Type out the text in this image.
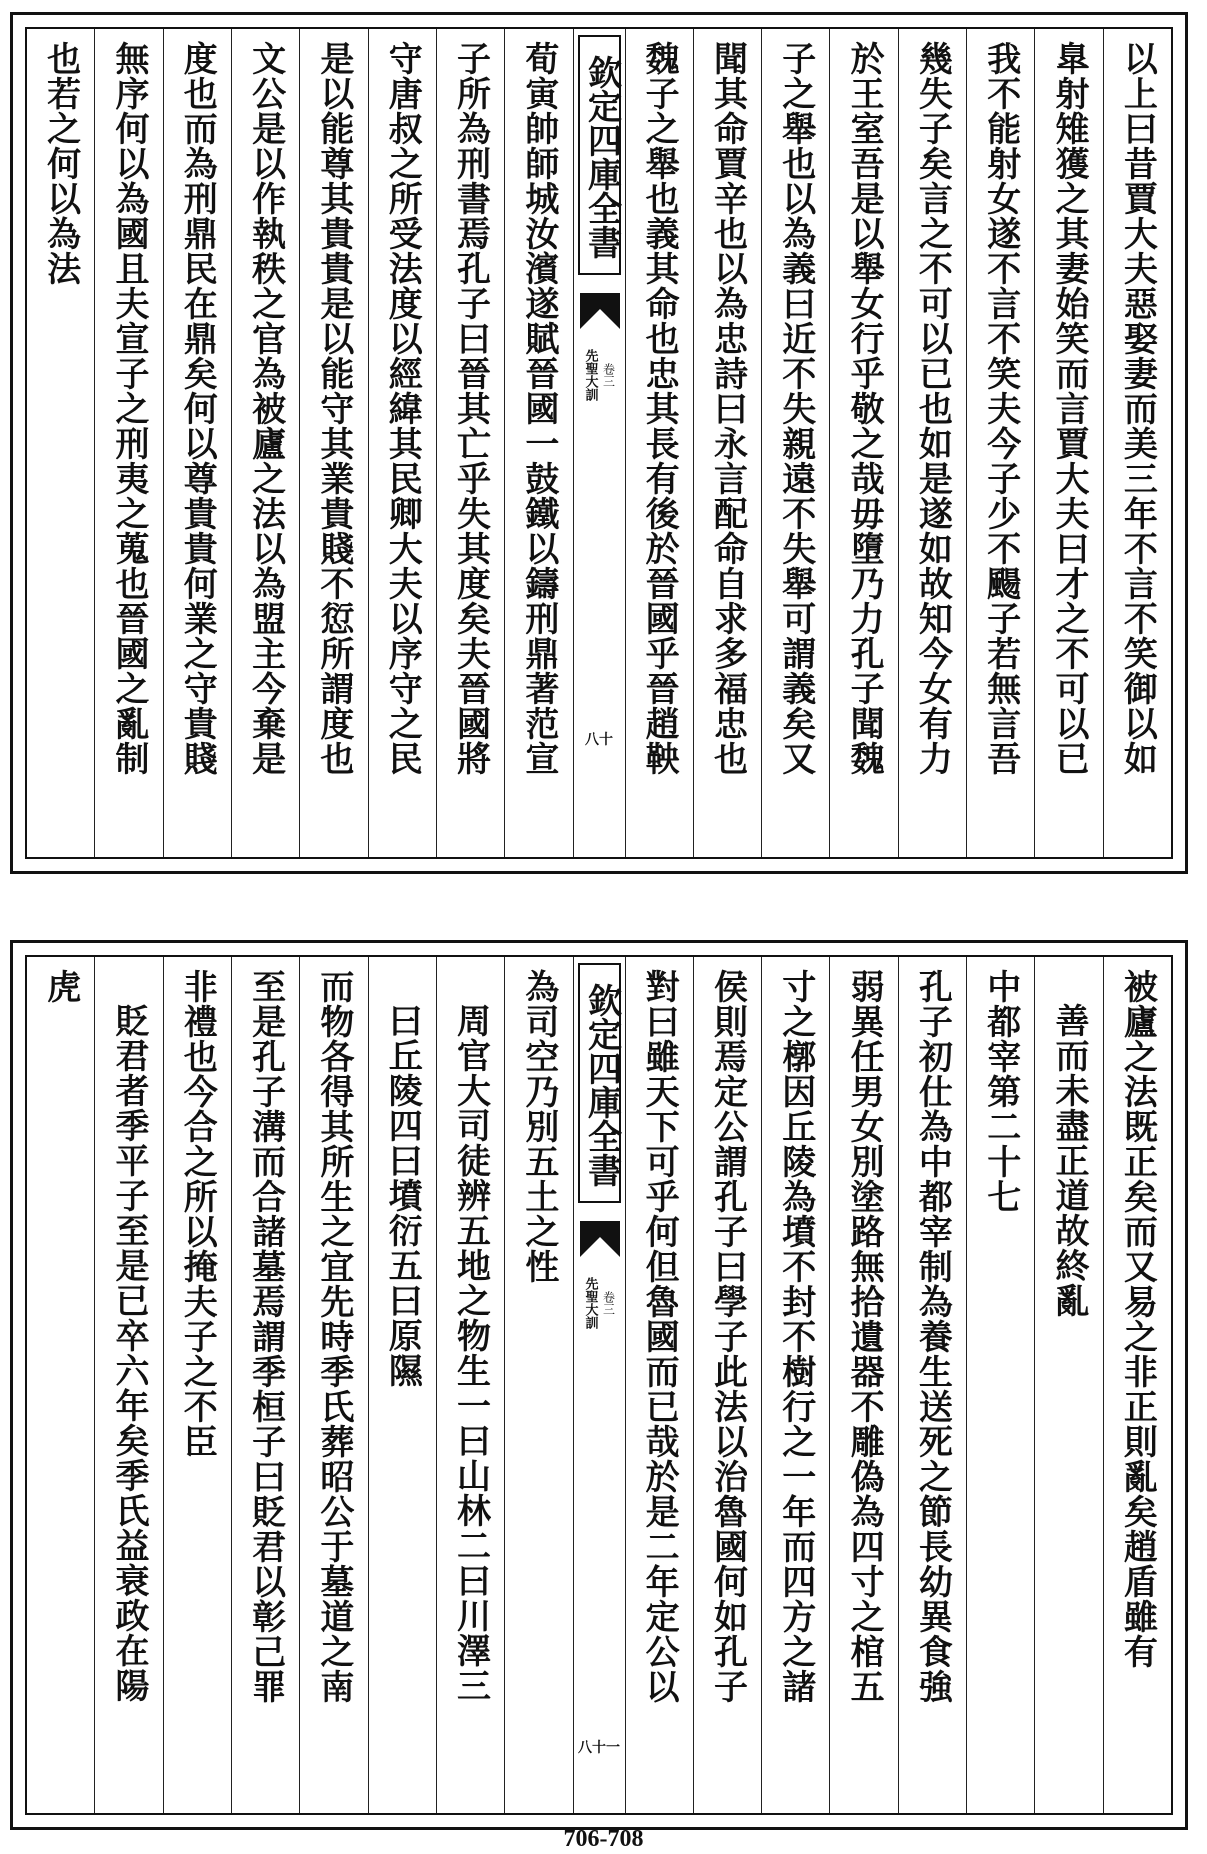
以上曰昔賈大夫惡娶妻而美三年不言不笑御以如
臯射雉獲之其妻始笑而言賈大夫曰才之不可以已
我不能射女遂不言不笑夫今子少不颺子若無言吾
幾失子矣言之不可以已也如是遂如故知今女有力
於王室吾是以舉女行乎敬之哉毋墮乃力孔子聞魏
子之舉也以為義曰近不失親遠不失舉可謂義矣又
聞其命賈辛也以為忠詩曰永言配命自求多福忠也
魏子之舉也義其命也忠其長有後於晉國乎晉趙鞅
欽定四庫全書
先聖大訓 卷三
八十
荀寅帥師城汝濱遂賦晉國一鼓鐵以鑄刑鼎著范宣
子所為刑書焉孔子曰晉其亡乎失其度矣夫晉國將
守唐叔之所受法度以經緯其民卿大夫以序守之民
是以能尊其貴貴是以能守其業貴賤不愆所謂度也
文公是以作執秩之官為被廬之法以為盟主今棄是
度也而為刑鼎民在鼎矣何以尊貴貴何業之守貴賤
無序何以為國且夫宣子之刑夷之蒐也晉國之亂制
也若之何以為法
被廬之法既正矣而又易之非正則亂矣趙盾雖有
善而未盡正道故終亂
中都宰第二十七
孔子初仕為中都宰制為養生送死之節長幼異食強
弱異任男女別塗路無拾遺器不雕偽為四寸之棺五
寸之槨因丘陵為墳不封不樹行之一年而四方之諸
侯則焉定公謂孔子曰學子此法以治魯國何如孔子
對曰雖天下可乎何但魯國而已哉於是二年定公以
欽定四庫全書
先聖大訓 卷三
八十一
為司空乃別五土之性
周官大司徒辨五地之物生一曰山林二曰川澤三
曰丘陵四曰墳衍五曰原隰
而物各得其所生之宜先時季氏葬昭公于墓道之南
至是孔子溝而合諸墓焉謂季桓子曰貶君以彰己罪
非禮也今合之所以掩夫子之不臣
貶君者季平子至是已卒六年矣季氏益衰政在陽
虎
706-708
